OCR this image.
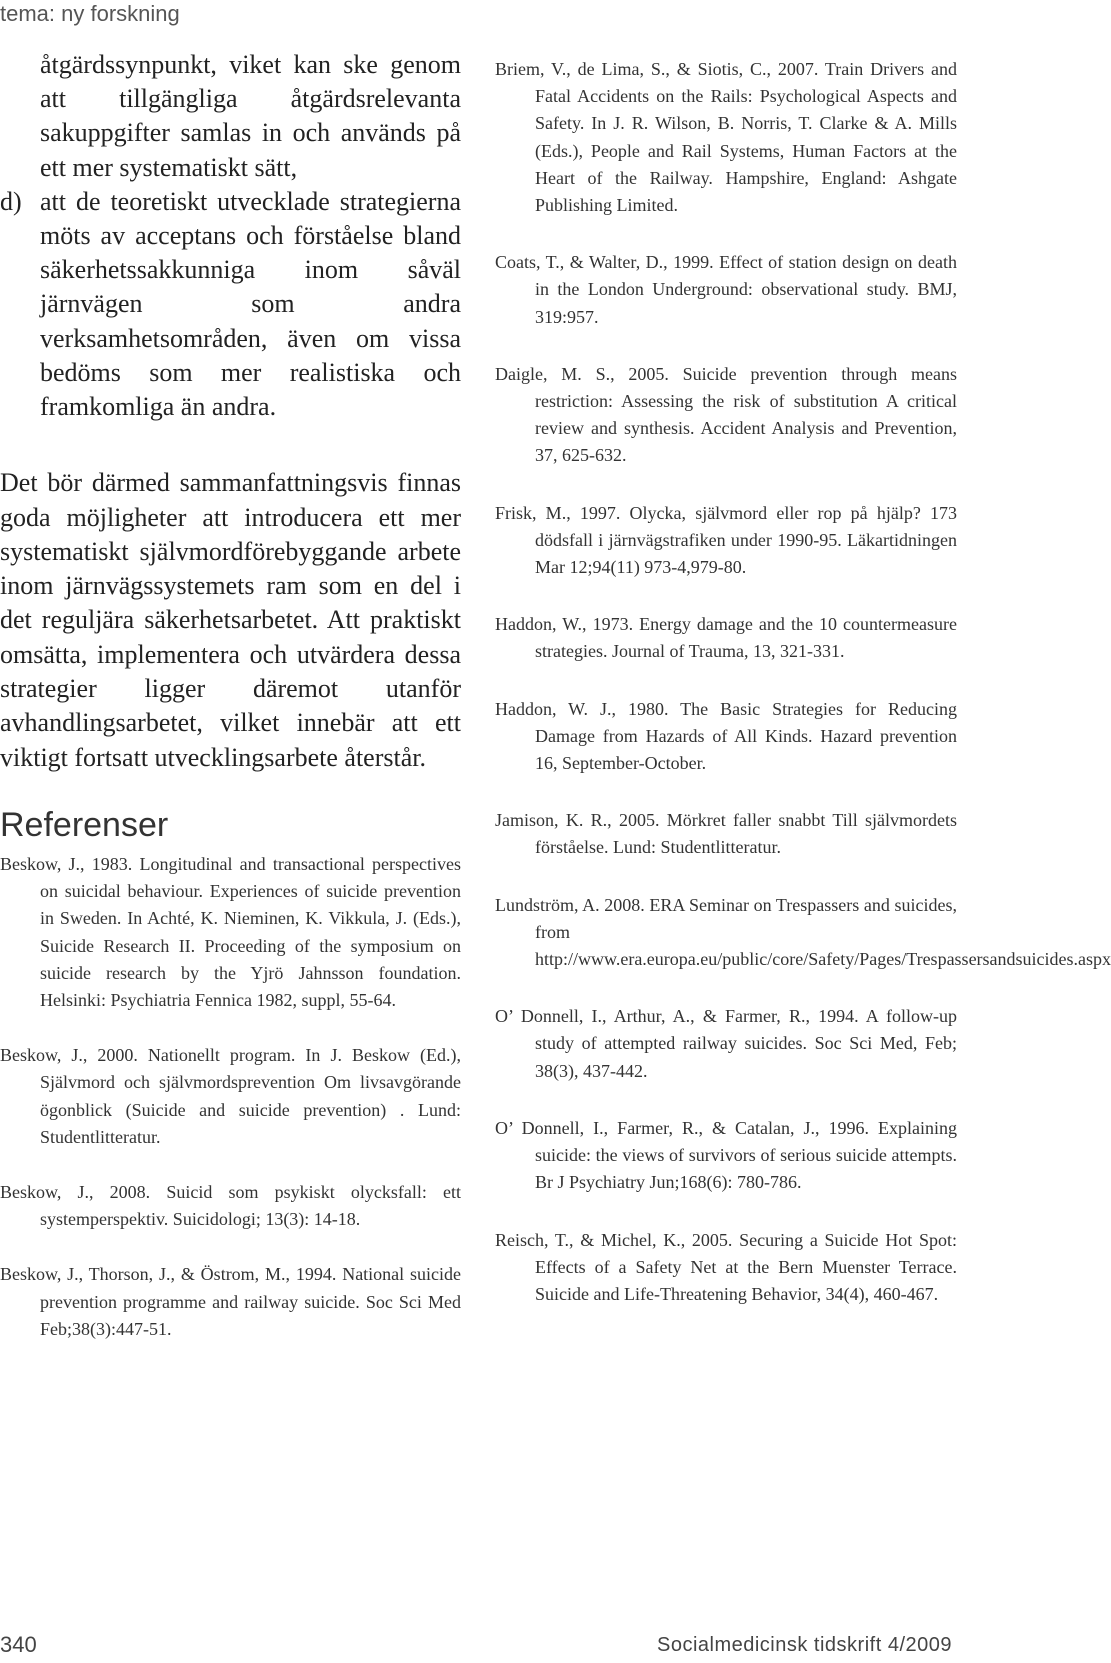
tema: ny forskning
åtgärdssynpunkt, viket kan ske genom att tillgängliga åtgärdsrelevanta sakuppgifter samlas in och används på ett mer systematiskt sätt,
d) att de teoretiskt utvecklade strategierna möts av acceptans och förståelse bland säkerhetssakkunniga inom såväl järnvägen som andra verksamhetsområden, även om vissa bedöms som mer realistiska och framkomliga än andra.
Det bör därmed sammanfattningsvis finnas goda möjligheter att introducera ett mer systematiskt självmordförebyggande arbete inom järnvägssystemets ram som en del i det reguljära säkerhetsarbetet. Att praktiskt omsätta, implementera och utvärdera dessa strategier ligger däremot utanför avhandlingsarbetet, vilket innebär att ett viktigt fortsatt utvecklingsarbete återstår.
Referenser
Beskow, J., 1983. Longitudinal and transactional perspectives on suicidal behaviour. Experiences of suicide prevention in Sweden. In Achté, K. Nieminen, K. Vikkula, J. (Eds.), Suicide Research II. Proceeding of the symposium on suicide research by the Yjrö Jahnsson foundation. Helsinki: Psychiatria Fennica 1982, suppl, 55-64.
Beskow, J., 2000. Nationellt program. In J. Beskow (Ed.), Självmord och självmordsprevention Om livsavgörande ögonblick (Suicide and suicide prevention) . Lund: Studentlitteratur.
Beskow, J., 2008. Suicid som psykiskt olycksfall: ett systemperspektiv. Suicidologi; 13(3): 14-18.
Beskow, J., Thorson, J., & Östrom, M., 1994. National suicide prevention programme and railway suicide. Soc Sci Med Feb;38(3):447-51.
Briem, V., de Lima, S., & Siotis, C., 2007. Train Drivers and Fatal Accidents on the Rails: Psychological Aspects and Safety. In J. R. Wilson, B. Norris, T. Clarke & A. Mills (Eds.), People and Rail Systems, Human Factors at the Heart of the Railway. Hampshire, England: Ashgate Publishing Limited.
Coats, T., & Walter, D., 1999. Effect of station design on death in the London Underground: observational study. BMJ, 319:957.
Daigle, M. S., 2005. Suicide prevention through means restriction: Assessing the risk of substitution A critical review and synthesis. Accident Analysis and Prevention, 37, 625-632.
Frisk, M., 1997. Olycka, självmord eller rop på hjälp? 173 dödsfall i järnvägstrafiken under 1990-95. Läkartidningen Mar 12;94(11) 973-4,979-80.
Haddon, W., 1973. Energy damage and the 10 countermeasure strategies. Journal of Trauma, 13, 321-331.
Haddon, W. J., 1980. The Basic Strategies for Reducing Damage from Hazards of All Kinds. Hazard prevention 16, September-October.
Jamison, K. R., 2005. Mörkret faller snabbt Till självmordets förståelse. Lund: Studentlitteratur.
Lundström, A. 2008. ERA Seminar on Trespassers and suicides, from http://www.era.europa.eu/public/core/Safety/Pages/Trespassersandsuicides.aspx
O’ Donnell, I., Arthur, A., & Farmer, R., 1994. A follow-up study of attempted railway suicides. Soc Sci Med, Feb; 38(3), 437-442.
O’ Donnell, I., Farmer, R., & Catalan, J., 1996. Explaining suicide: the views of survivors of serious suicide attempts. Br J Psychiatry Jun;168(6): 780-786.
Reisch, T., & Michel, K., 2005. Securing a Suicide Hot Spot: Effects of a Safety Net at the Bern Muenster Terrace. Suicide and Life-Threatening Behavior, 34(4), 460-467.
340	Socialmedicinsk tidskrift 4/2009
